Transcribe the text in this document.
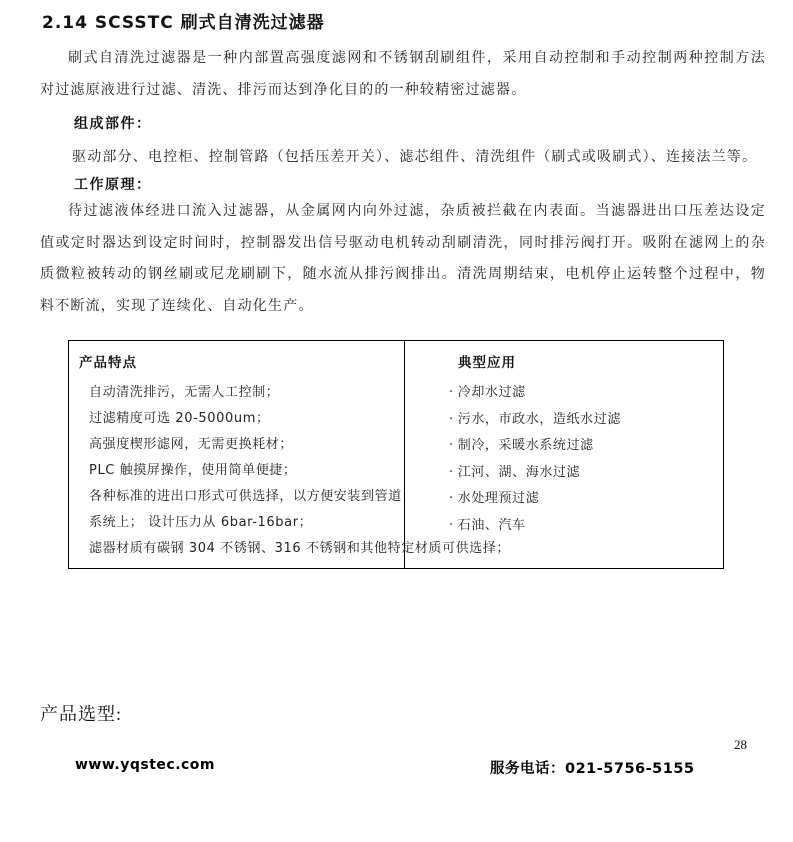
2.14 SCSSTC 刷式自清洗过滤器

刷式自清洗过滤器是一种内部置高强度滤网和不锈钢刮刷组件，采用自动控制和手动控制两种控制方法对过滤原液进行过滤、清洗、排污而达到净化目的的一种较精密过滤器。

组成部件：

驱动部分、电控柜、控制管路（包括压差开关）、滤芯组件、清洗组件（刷式或吸刷式）、连接法兰等。

工作原理：

待过滤液体经进口流入过滤器，从金属网内向外过滤，杂质被拦截在内表面。当滤器进出口压差达设定值或定时器达到设定时间时，控制器发出信号驱动电机转动刮刷清洗，同时排污阀打开。吸附在滤网上的杂质微粒被转动的钢丝刷或尼龙刷刷下，随水流从排污阀排出。清洗周期结束，电机停止运转整个过程中，物料不断流，实现了连续化、自动化生产。

产品特点
自动清洗排污，无需人工控制；
过滤精度可选 20-5000um；
高强度楔形滤网，无需更换耗材；
PLC 触摸屏操作，使用简单便捷；
各种标准的进出口形式可供选择，以方便安装到管道
系统上； 设计压力从 6bar-16bar；
滤器材质有碳钢 304 不锈钢、316 不锈钢和其他特定材质可供选择；
典型应用
· 冷却水过滤
· 污水，市政水，造纸水过滤
· 制冷，采暖水系统过滤
· 江河、湖、海水过滤
· 水处理预过滤
· 石油、汽车
产品选型:
28
www.yqstec.com	服务电话：021-5756-5155
